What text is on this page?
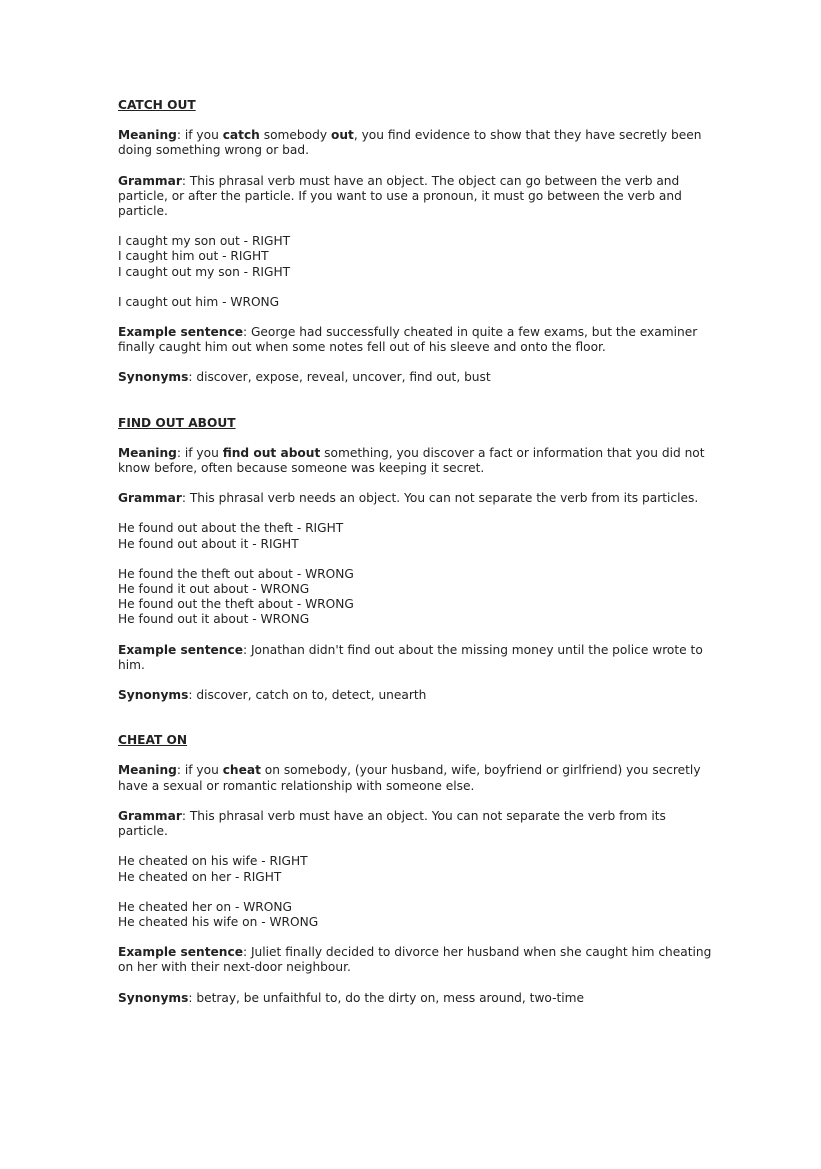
CATCH OUT

Meaning: if you catch somebody out, you find evidence to show that they have secretly been doing something wrong or bad.

Grammar: This phrasal verb must have an object. The object can go between the verb and particle, or after the particle. If you want to use a pronoun, it must go between the verb and particle.

I caught my son out - RIGHT
I caught him out - RIGHT
I caught out my son - RIGHT
I caught out him - WRONG

Example sentence: George had successfully cheated in quite a few exams, but the examiner finally caught him out when some notes fell out of his sleeve and onto the floor.

Synonyms: discover, expose, reveal, uncover, find out, bust

FIND OUT ABOUT

Meaning: if you find out about something, you discover a fact or information that you did not know before, often because someone was keeping it secret.

Grammar: This phrasal verb needs an object. You can not separate the verb from its particles.

He found out about the theft - RIGHT
He found out about it - RIGHT
He found the theft out about - WRONG
He found it out about - WRONG
He found out the theft about - WRONG
He found out it about - WRONG

Example sentence: Jonathan didn't find out about the missing money until the police wrote to him.

Synonyms: discover, catch on to, detect, unearth

CHEAT ON

Meaning: if you cheat on somebody, (your husband, wife, boyfriend or girlfriend) you secretly have a sexual or romantic relationship with someone else.

Grammar: This phrasal verb must have an object. You can not separate the verb from its particle.

He cheated on his wife - RIGHT
He cheated on her - RIGHT
He cheated her on - WRONG
He cheated his wife on - WRONG

Example sentence: Juliet finally decided to divorce her husband when she caught him cheating on her with their next-door neighbour.

Synonyms: betray, be unfaithful to, do the dirty on, mess around, two-time
